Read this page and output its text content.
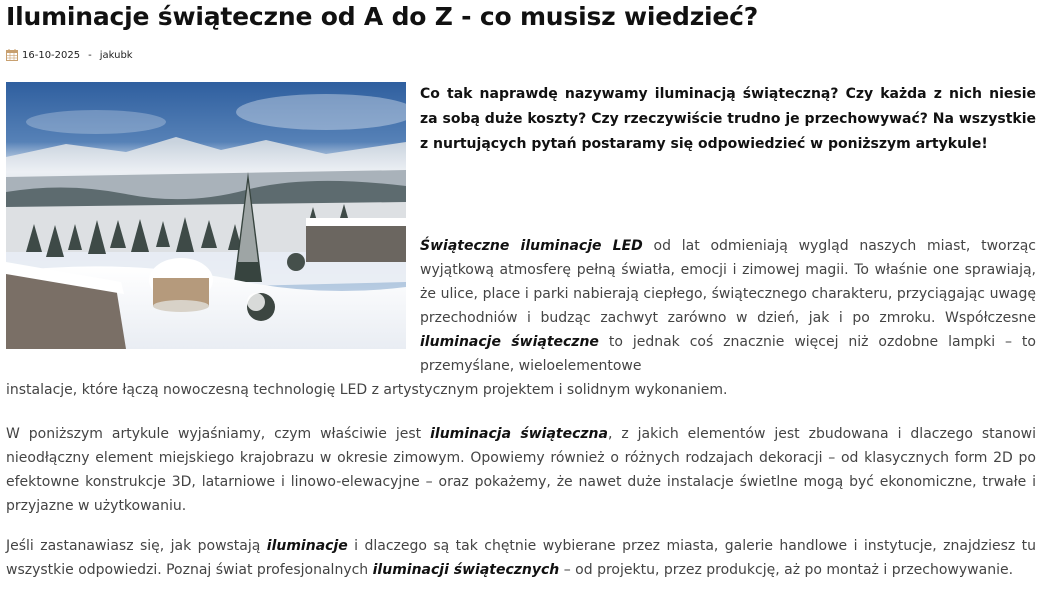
Iluminacje świąteczne od A do Z - co musisz wiedzieć?
16-10-2025 - jakubk

Co tak naprawdę nazywamy iluminacją świąteczną? Czy każda z nich niesie za sobą duże koszty? Czy rzeczywiście trudno je przechowywać? Na wszystkie z nurtujących pytań postaramy się odpowiedzieć w poniższym artykule!

Świąteczne iluminacje LED od lat odmieniają wygląd naszych miast, tworząc wyjątkową atmosferę pełną światła, emocji i zimowej magii. To właśnie one sprawiają, że ulice, place i parki nabierają ciepłego, świątecznego charakteru, przyciągając uwagę przechodniów i budząc zachwyt zarówno w dzień, jak i po zmroku. Współczesne iluminacje świąteczne to jednak coś znacznie więcej niż ozdobne lampki – to przemyślane, wieloelementowe

instalacje, które łączą nowoczesną technologię LED z artystycznym projektem i solidnym wykonaniem.

W poniższym artykule wyjaśniamy, czym właściwie jest iluminacja świąteczna, z jakich elementów jest zbudowana i dlaczego stanowi nieodłączny element miejskiego krajobrazu w okresie zimowym. Opowiemy również o różnych rodzajach dekoracji – od klasycznych form 2D po efektowne konstrukcje 3D, latarniowe i linowo-elewacyjne – oraz pokażemy, że nawet duże instalacje świetlne mogą być ekonomiczne, trwałe i przyjazne w użytkowaniu.

Jeśli zastanawiasz się, jak powstają iluminacje i dlaczego są tak chętnie wybierane przez miasta, galerie handlowe i instytucje, znajdziesz tu wszystkie odpowiedzi. Poznaj świat profesjonalnych iluminacji świątecznych – od projektu, przez produkcję, aż po montaż i przechowywanie.
